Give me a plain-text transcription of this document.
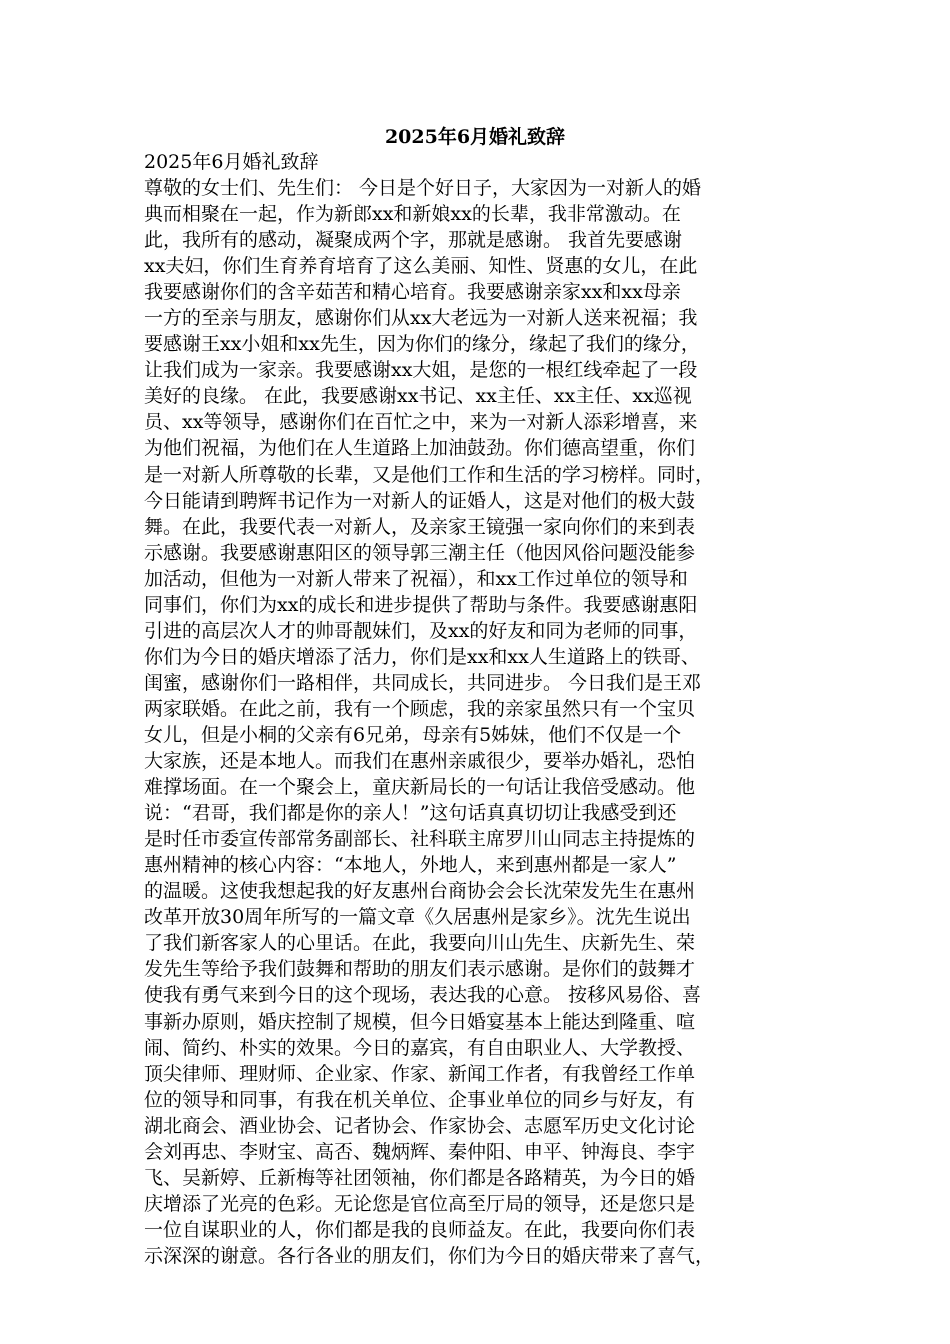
2025年6月婚礼致辞
2025年6月婚礼致辞
尊敬的女士们、先生们： 今日是个好日子，大家因为一对新人的婚
典而相聚在一起，作为新郎xx和新娘xx的长辈，我非常激动。在
此，我所有的感动，凝聚成两个字，那就是感谢。 我首先要感谢
xx夫妇，你们生育养育培育了这么美丽、知性、贤惠的女儿，在此
我要感谢你们的含辛茹苦和精心培育。我要感谢亲家xx和xx母亲
一方的至亲与朋友，感谢你们从xx大老远为一对新人送来祝福；我
要感谢王xx小姐和xx先生，因为你们的缘分，缘起了我们的缘分，
让我们成为一家亲。我要感谢xx大姐，是您的一根红线牵起了一段
美好的良缘。 在此，我要感谢xx书记、xx主任、xx主任、xx巡视
员、xx等领导，感谢你们在百忙之中，来为一对新人添彩增喜，来
为他们祝福，为他们在人生道路上加油鼓劲。你们德高望重，你们
是一对新人所尊敬的长辈，又是他们工作和生活的学习榜样。同时，
今日能请到聘辉书记作为一对新人的证婚人，这是对他们的极大鼓
舞。在此，我要代表一对新人，及亲家王镜强一家向你们的来到表
示感谢。我要感谢惠阳区的领导郭三潮主任（他因风俗问题没能参
加活动，但他为一对新人带来了祝福），和xx工作过单位的领导和
同事们，你们为xx的成长和进步提供了帮助与条件。我要感谢惠阳
引进的高层次人才的帅哥靓妹们，及xx的好友和同为老师的同事，
你们为今日的婚庆增添了活力，你们是xx和xx人生道路上的铁哥、
闺蜜，感谢你们一路相伴，共同成长，共同进步。 今日我们是王邓
两家联婚。在此之前，我有一个顾虑，我的亲家虽然只有一个宝贝
女儿，但是小桐的父亲有6兄弟，母亲有5姊妹，他们不仅是一个
大家族，还是本地人。而我们在惠州亲戚很少，要举办婚礼，恐怕
难撑场面。在一个聚会上，童庆新局长的一句话让我倍受感动。他
说：“君哥，我们都是你的亲人！”这句话真真切切让我感受到还
是时任市委宣传部常务副部长、社科联主席罗川山同志主持提炼的
惠州精神的核心内容：“本地人，外地人，来到惠州都是一家人”
的温暖。这使我想起我的好友惠州台商协会会长沈荣发先生在惠州
改革开放30周年所写的一篇文章《久居惠州是家乡》。沈先生说出
了我们新客家人的心里话。在此，我要向川山先生、庆新先生、荣
发先生等给予我们鼓舞和帮助的朋友们表示感谢。是你们的鼓舞才
使我有勇气来到今日的这个现场，表达我的心意。 按移风易俗、喜
事新办原则，婚庆控制了规模，但今日婚宴基本上能达到隆重、喧
闹、简约、朴实的效果。今日的嘉宾，有自由职业人、大学教授、
顶尖律师、理财师、企业家、作家、新闻工作者，有我曾经工作单
位的领导和同事，有我在机关单位、企事业单位的同乡与好友，有
湖北商会、酒业协会、记者协会、作家协会、志愿军历史文化讨论
会刘再忠、李财宝、高否、魏炳辉、秦仲阳、申平、钟海良、李宇
飞、吴新婷、丘新梅等社团领袖，你们都是各路精英，为今日的婚
庆增添了光亮的色彩。无论您是官位高至厅局的领导，还是您只是
一位自谋职业的人，你们都是我的良师益友。在此，我要向你们表
示深深的谢意。各行各业的朋友们，你们为今日的婚庆带来了喜气，
